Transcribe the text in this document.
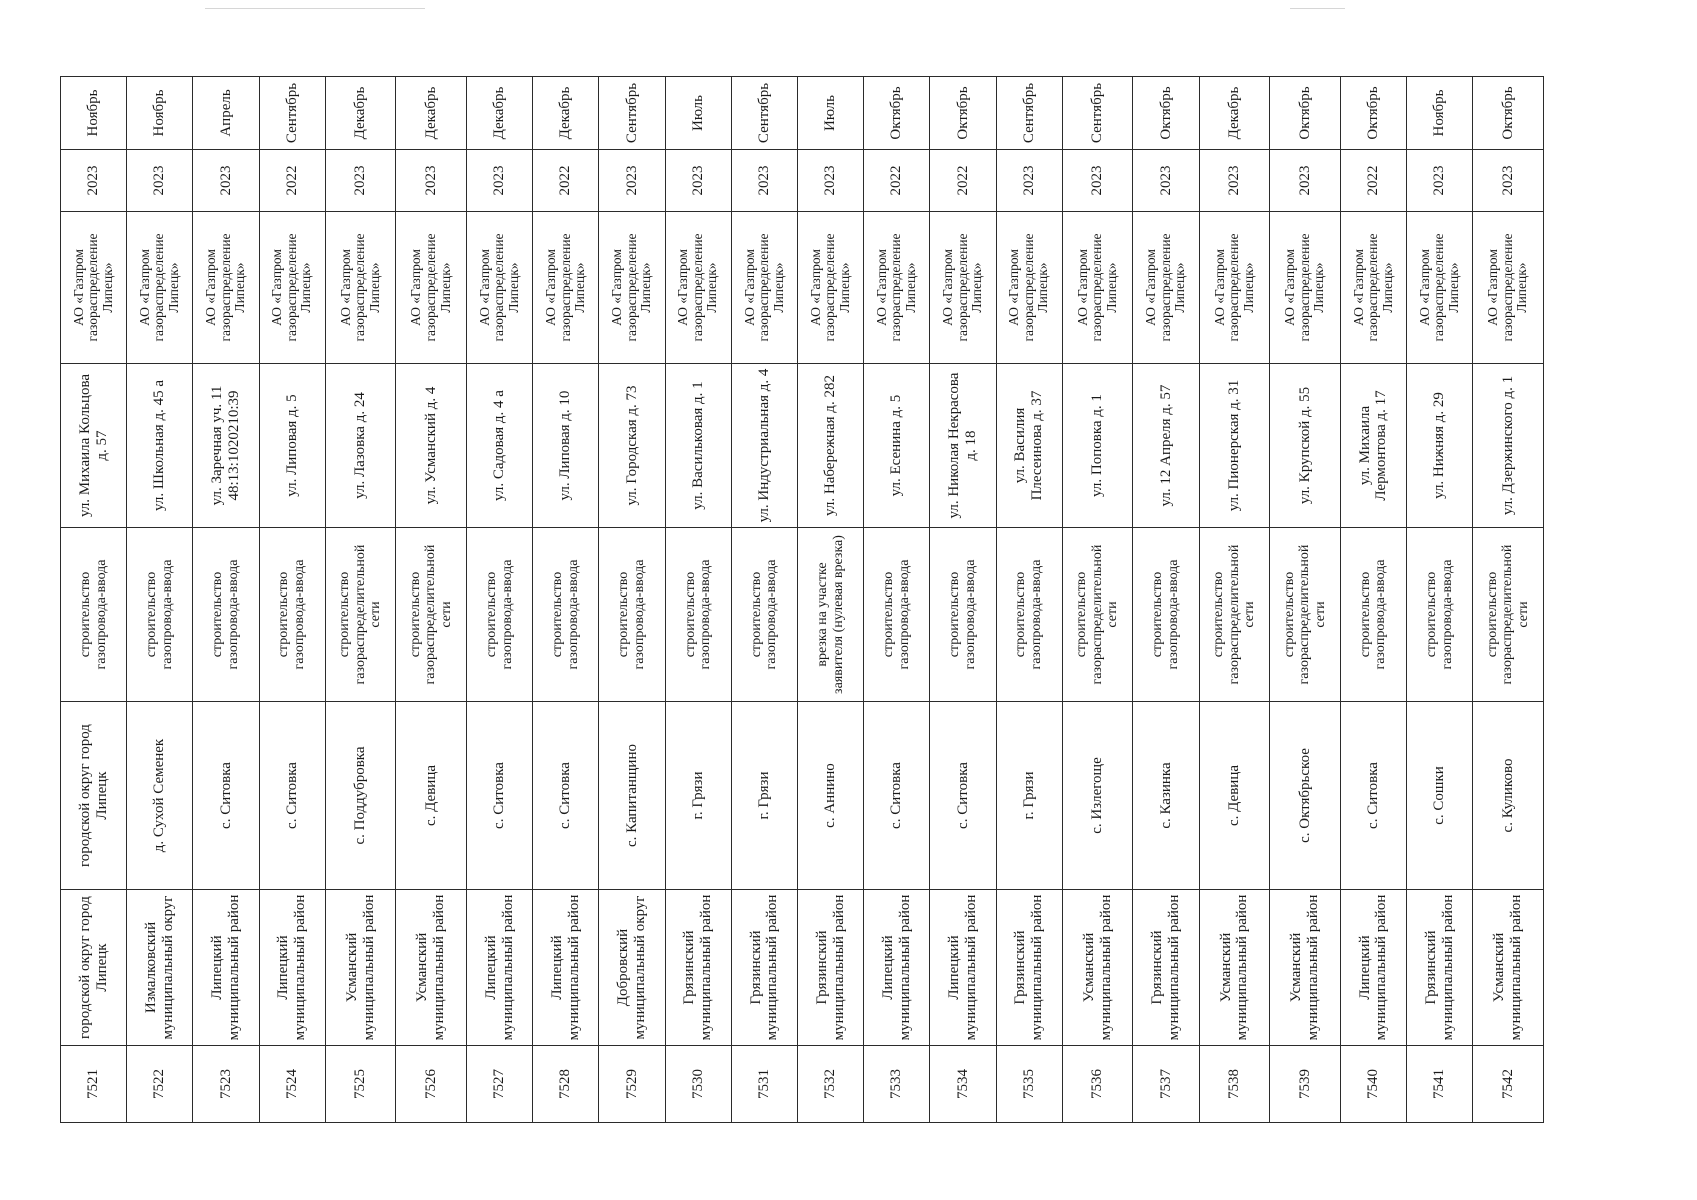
7521	городской округ город Липецк	городской округ город Липецк	строительство газопровода-ввода	ул. Михаила Кольцова д. 57	АО «Газпром газораспределение Липецк»	2023	Ноябрь
7522	Измалковский муниципальный округ	д. Сухой Семенек	строительство газопровода-ввода	ул. Школьная д. 45 а	АО «Газпром газораспределение Липецк»	2023	Ноябрь
7523	Липецкий муниципальный район	с. Ситовка	строительство газопровода-ввода	ул. Заречная уч. 11 48:13:1020210:39	АО «Газпром газораспределение Липецк»	2023	Апрель
7524	Липецкий муниципальный район	с. Ситовка	строительство газопровода-ввода	ул. Липовая д. 5	АО «Газпром газораспределение Липецк»	2022	Сентябрь
7525	Усманский муниципальный район	с. Поддубровка	строительство газораспределительной сети	ул. Лазовка д. 24	АО «Газпром газораспределение Липецк»	2023	Декабрь
7526	Усманский муниципальный район	с. Девица	строительство газораспределительной сети	ул. Усманский д. 4	АО «Газпром газораспределение Липецк»	2023	Декабрь
7527	Липецкий муниципальный район	с. Ситовка	строительство газопровода-ввода	ул. Садовая д. 4 а	АО «Газпром газораспределение Липецк»	2023	Декабрь
7528	Липецкий муниципальный район	с. Ситовка	строительство газопровода-ввода	ул. Липовая д. 10	АО «Газпром газораспределение Липецк»	2022	Декабрь
7529	Добровский муниципальный округ	с. Капитанщино	строительство газопровода-ввода	ул. Городская д. 73	АО «Газпром газораспределение Липецк»	2023	Сентябрь
7530	Грязинский муниципальный район	г. Грязи	строительство газопровода-ввода	ул. Васильковая д. 1	АО «Газпром газораспределение Липецк»	2023	Июль
7531	Грязинский муниципальный район	г. Грязи	строительство газопровода-ввода	ул. Индустриальная д. 4	АО «Газпром газораспределение Липецк»	2023	Сентябрь
7532	Грязинский муниципальный район	с. Аннино	врезка на участке заявителя (нулевая врезка)	ул. Набережная д. 282	АО «Газпром газораспределение Липецк»	2023	Июль
7533	Липецкий муниципальный район	с. Ситовка	строительство газопровода-ввода	ул. Есенина д. 5	АО «Газпром газораспределение Липецк»	2022	Октябрь
7534	Липецкий муниципальный район	с. Ситовка	строительство газопровода-ввода	ул. Николая Некрасова д. 18	АО «Газпром газораспределение Липецк»	2022	Октябрь
7535	Грязинский муниципальный район	г. Грязи	строительство газопровода-ввода	ул. Василия Плесеинова д. 37	АО «Газпром газораспределение Липецк»	2023	Сентябрь
7536	Усманский муниципальный район	с. Излегоще	строительство газораспределительной сети	ул. Поповка д. 1	АО «Газпром газораспределение Липецк»	2023	Сентябрь
7537	Грязинский муниципальный район	с. Казинка	строительство газопровода-ввода	ул. 12 Апреля д. 57	АО «Газпром газораспределение Липецк»	2023	Октябрь
7538	Усманский муниципальный район	с. Девица	строительство газораспределительной сети	ул. Пионерская д. 31	АО «Газпром газораспределение Липецк»	2023	Декабрь
7539	Усманский муниципальный район	с. Октябрьское	строительство газораспределительной сети	ул. Крупской д. 55	АО «Газпром газораспределение Липецк»	2023	Октябрь
7540	Липецкий муниципальный район	с. Ситовка	строительство газопровода-ввода	ул. Михаила Лермонтова д. 17	АО «Газпром газораспределение Липецк»	2022	Октябрь
7541	Грязинский муниципальный район	с. Сошки	строительство газопровода-ввода	ул. Нижняя д. 29	АО «Газпром газораспределение Липецк»	2023	Ноябрь
7542	Усманский муниципальный район	с. Куликово	строительство газораспределительной сети	ул. Дзержинского д. 1	АО «Газпром газораспределение Липецк»	2023	Октябрь
